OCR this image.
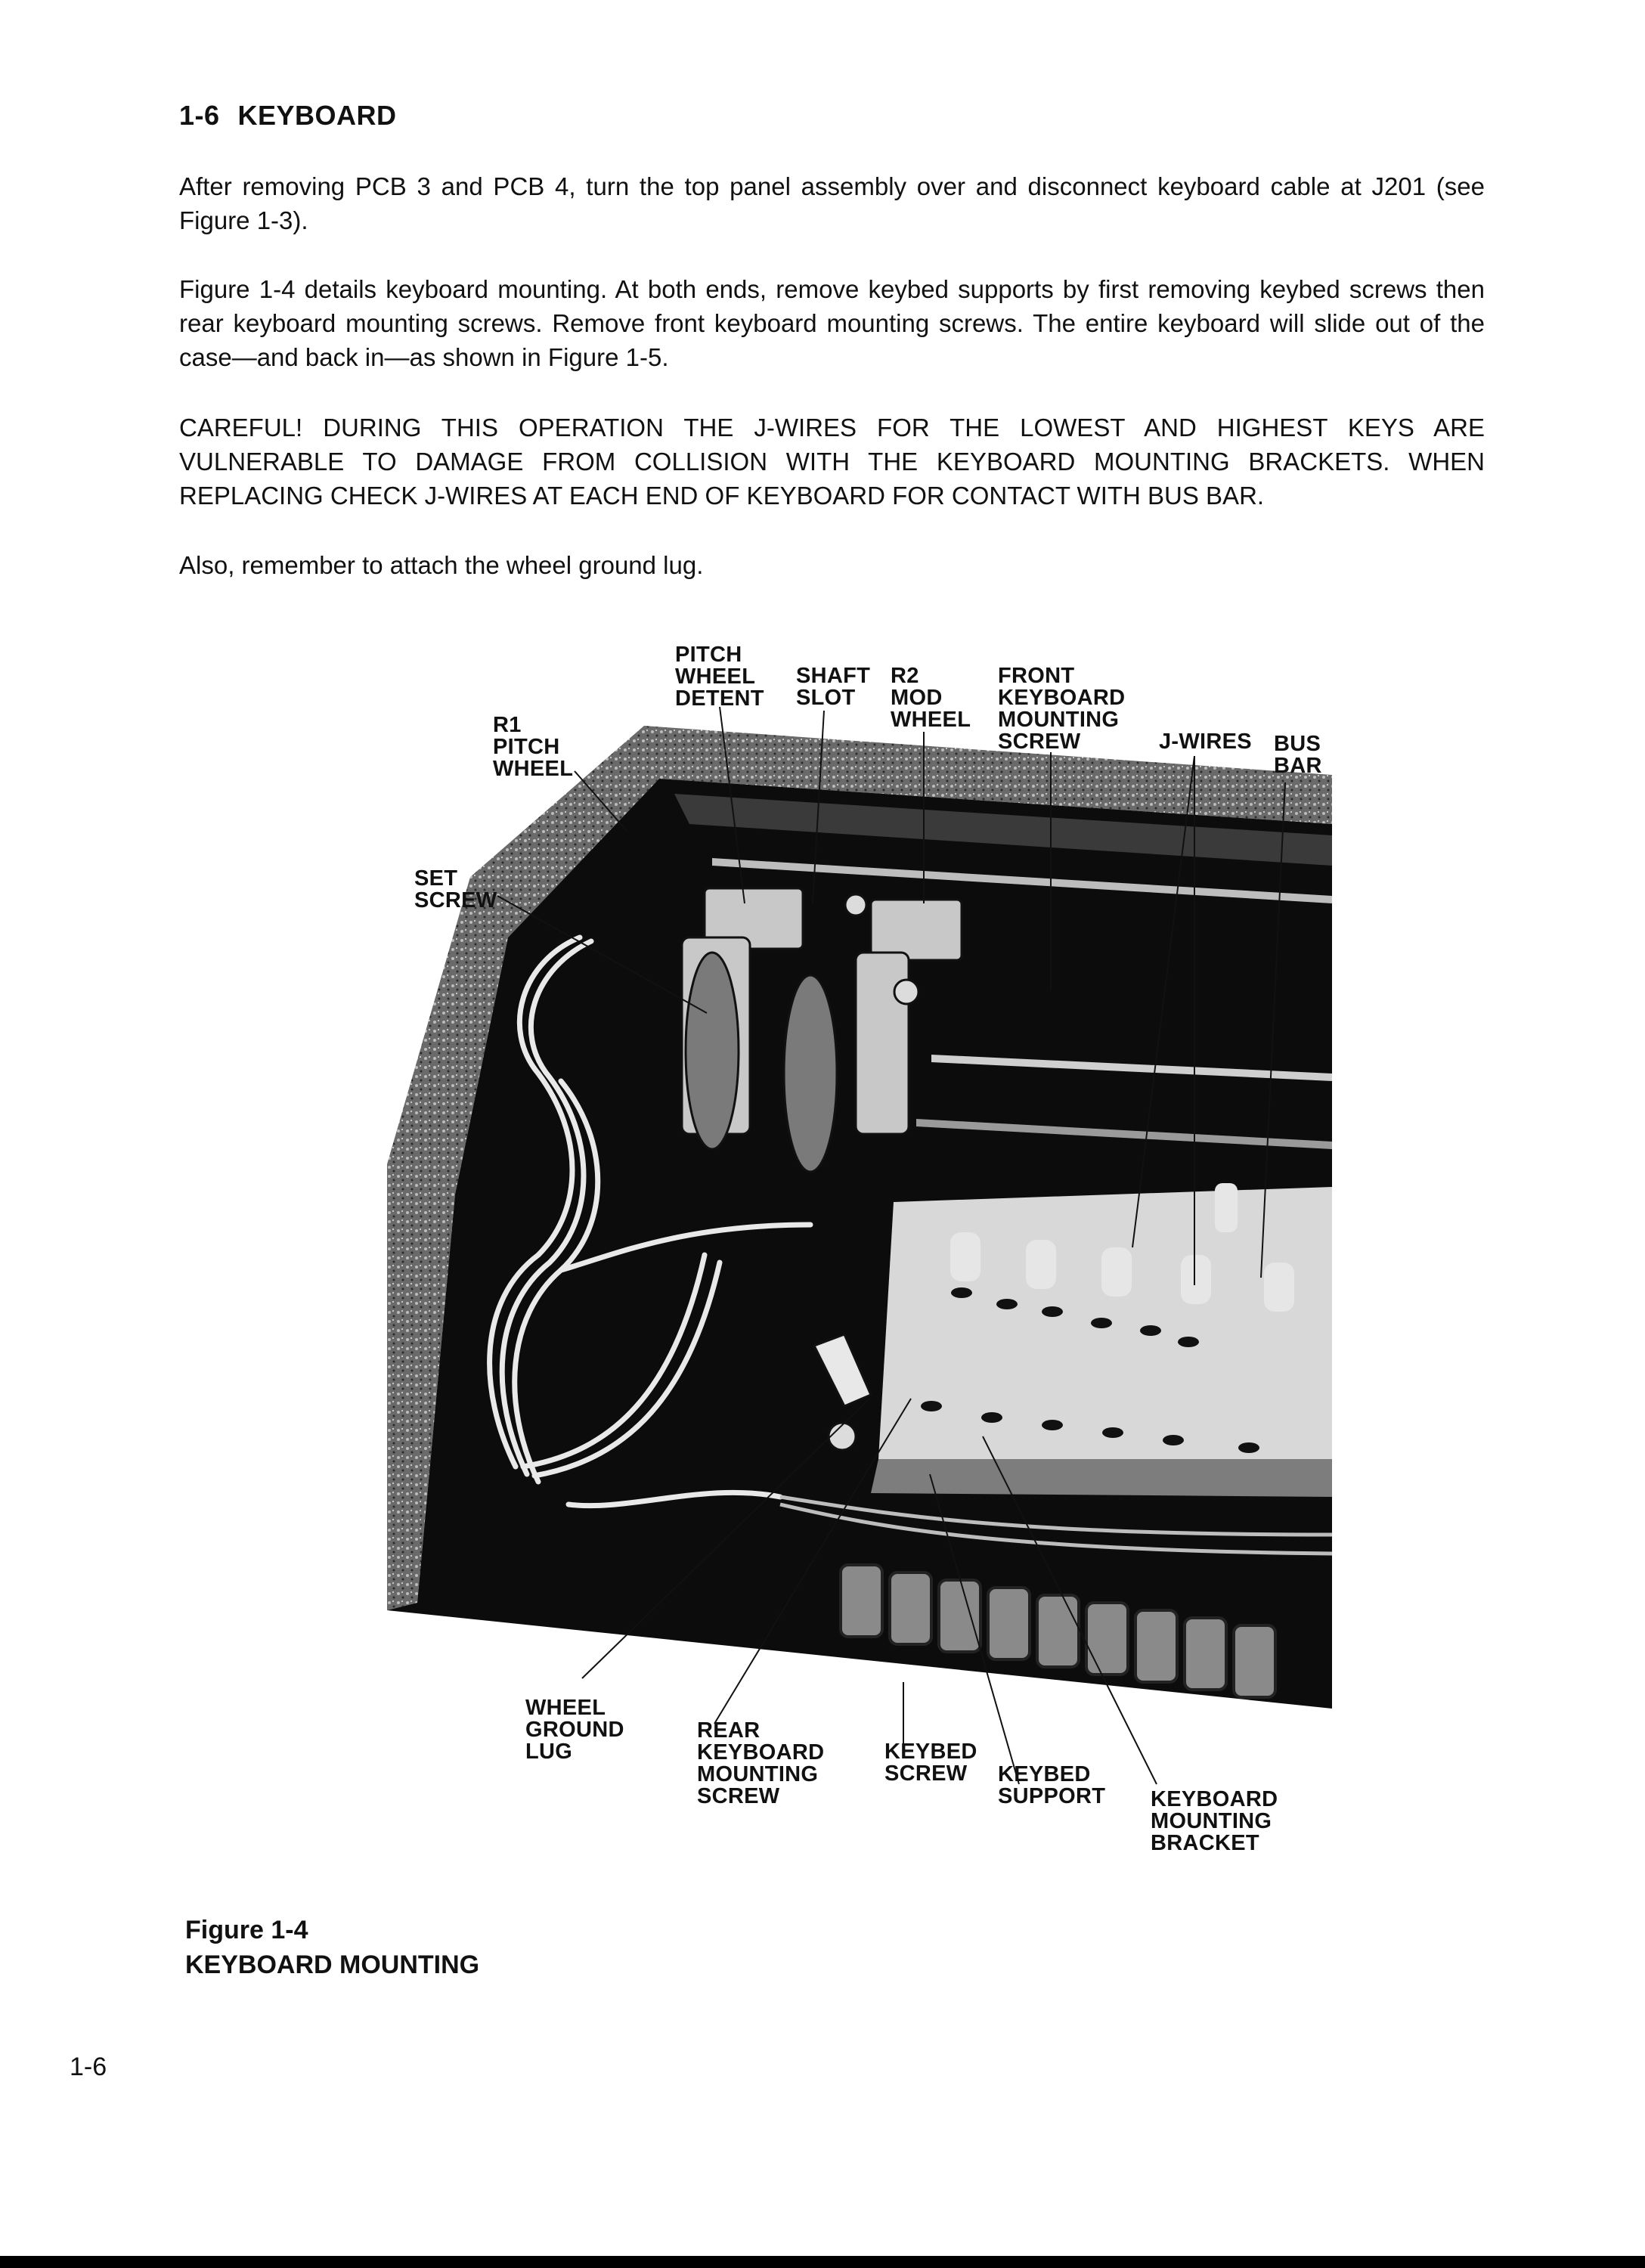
1-6 KEYBOARD

After removing PCB 3 and PCB 4, turn the top panel assembly over and disconnect keyboard cable at J201 (see Figure 1-3).

Figure 1-4 details keyboard mounting. At both ends, remove keybed supports by first removing keybed screws then rear keyboard mounting screws. Remove front keyboard mounting screws. The entire keyboard will slide out of the case—and back in—as shown in Figure 1-5.

CAREFUL! DURING THIS OPERATION THE J-WIRES FOR THE LOWEST AND HIGHEST KEYS ARE VULNERABLE TO DAMAGE FROM COLLISION WITH THE KEYBOARD MOUNTING BRACKETS. WHEN REPLACING CHECK J-WIRES AT EACH END OF KEYBOARD FOR CONTACT WITH BUS BAR.

Also, remember to attach the wheel ground lug.

PITCH
WHEEL
DETENT
SHAFT
SLOT
R2
MOD
WHEEL
FRONT
KEYBOARD
MOUNTING
SCREW
R1
PITCH
WHEEL
J-WIRES BUS
BAR
SET
SCREW
WHEEL
GROUND
LUG
REAR
KEYBOARD
MOUNTING
SCREW
KEYBED
SCREW	KEYBED
SUPPORT KEYBOARD
MOUNTING
BRACKET
Figure 1-4
KEYBOARD MOUNTING
1-6
